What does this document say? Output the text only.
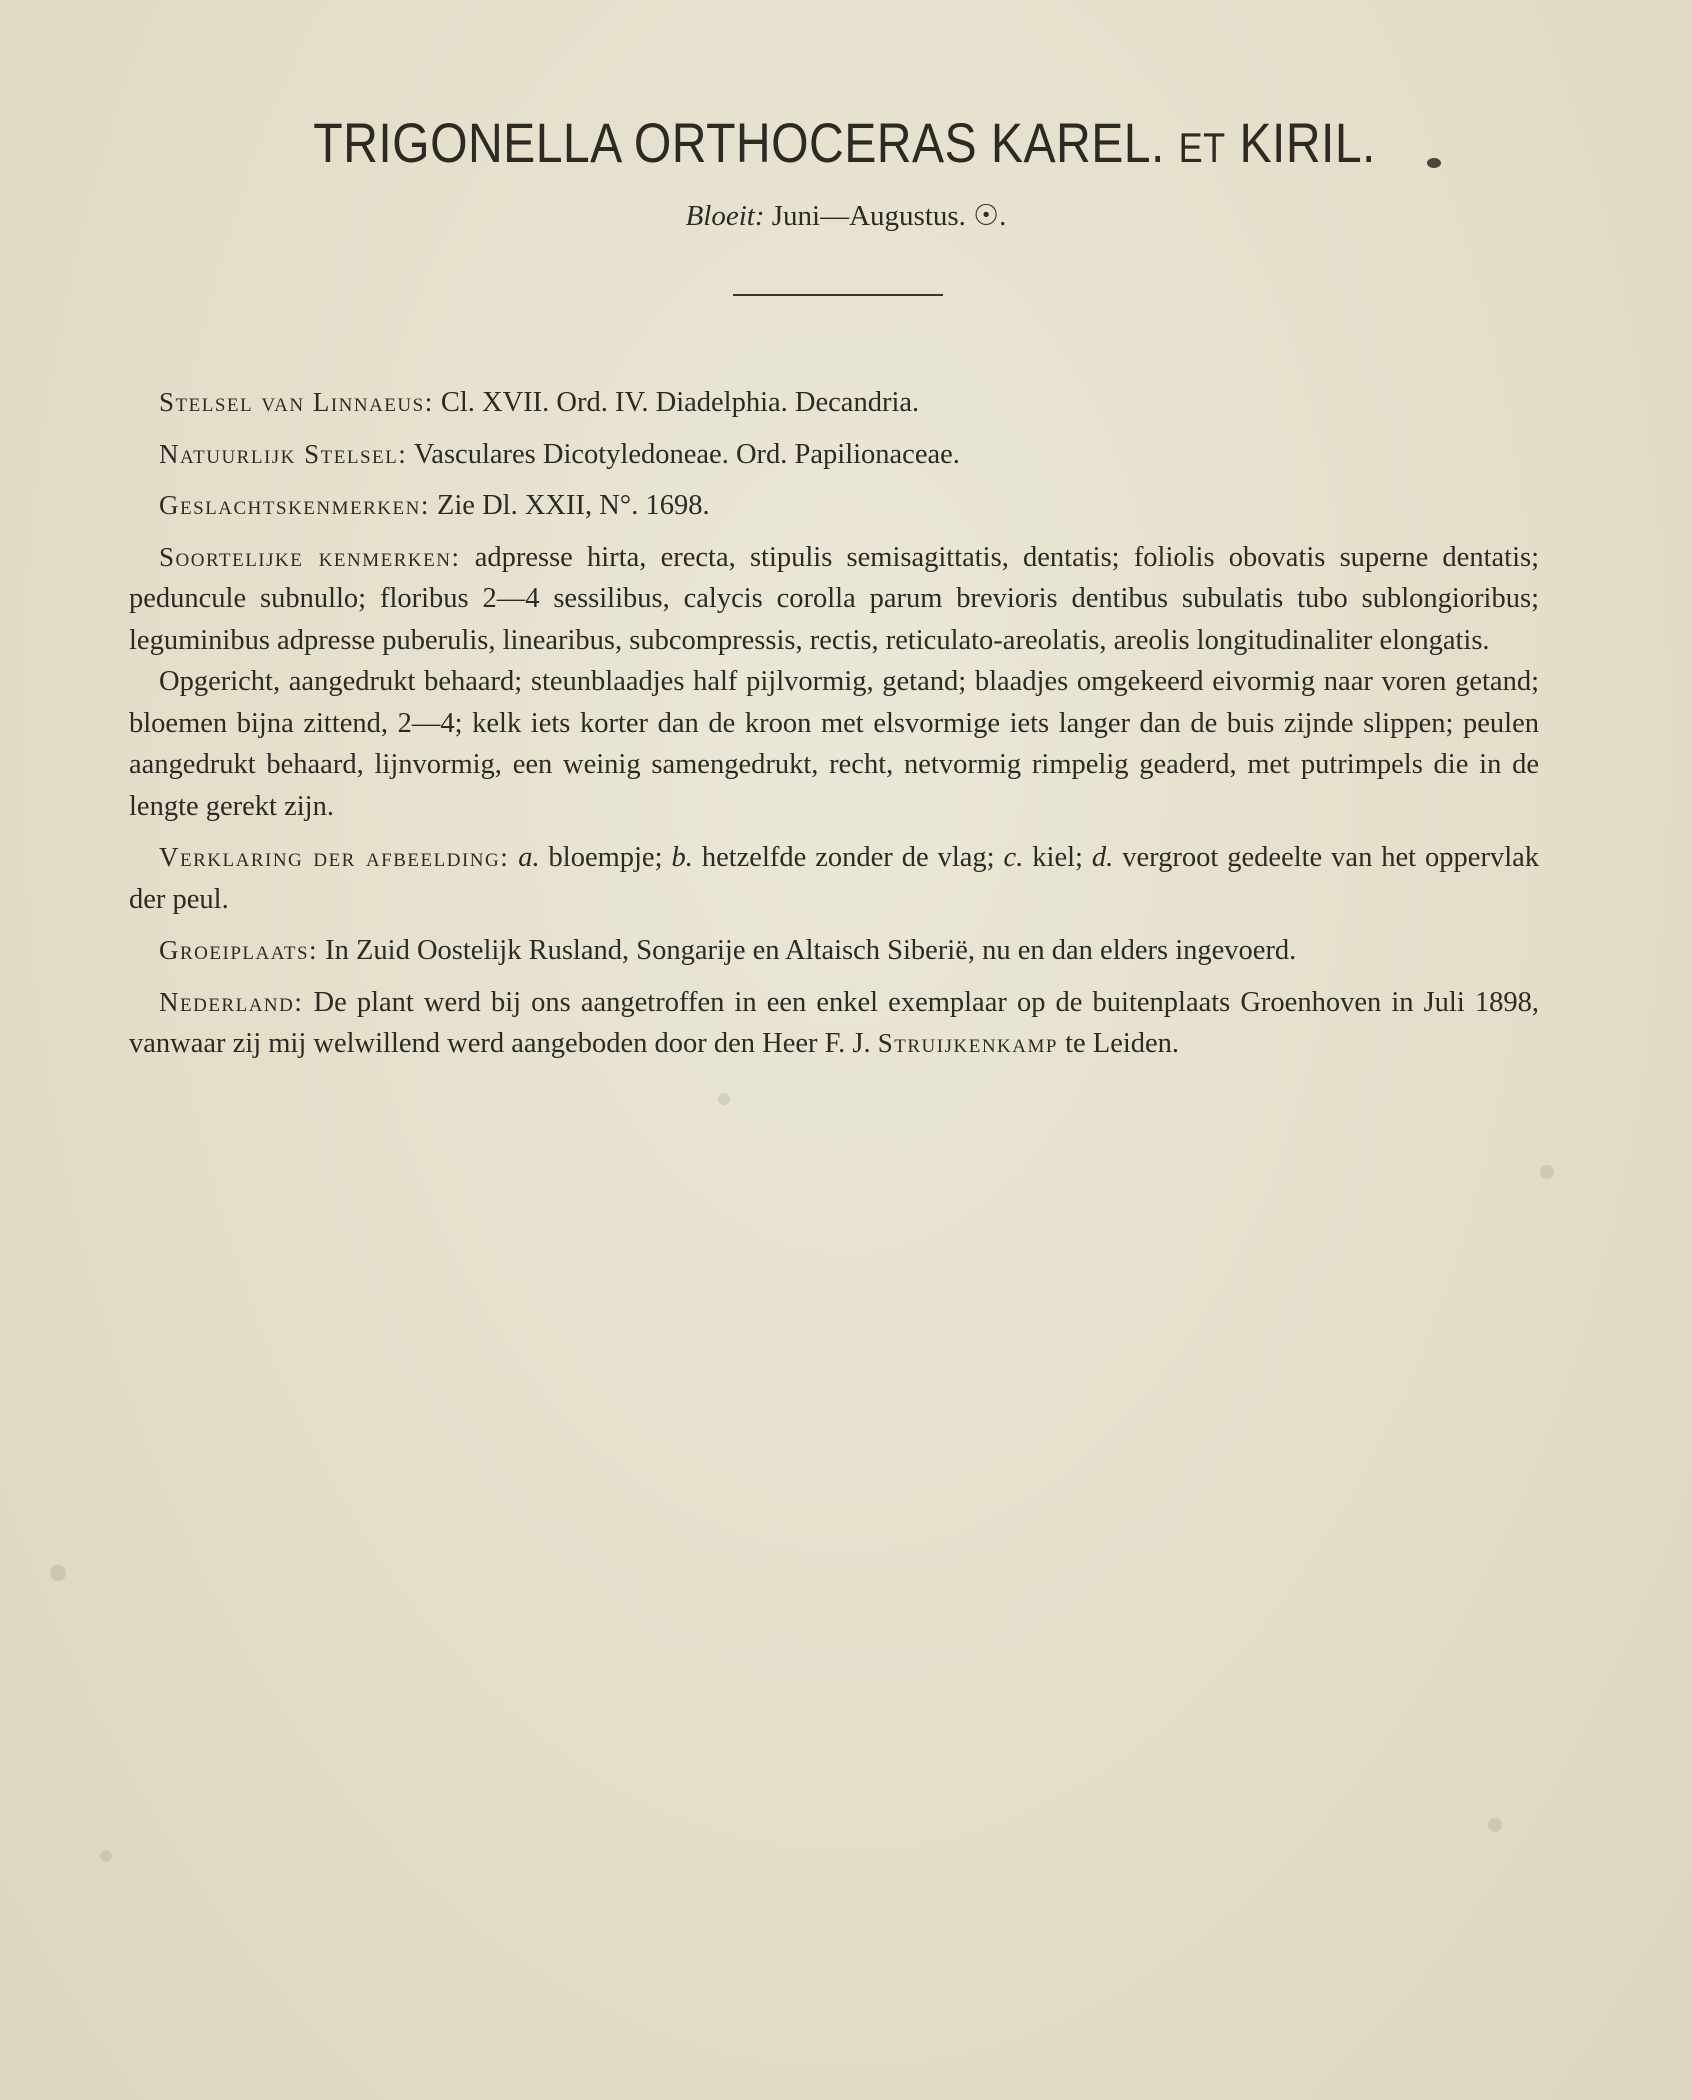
TRIGONELLA ORTHOCERAS KAREL. ET KIRIL.
Bloeit: Juni—Augustus. ☉.

Stelsel van Linnaeus: Cl. XVII. Ord. IV. Diadelphia. Decandria.

Natuurlijk Stelsel: Vasculares Dicotyledoneae. Ord. Papilionaceae.

Geslachtskenmerken: Zie Dl. XXII, N°. 1698.

Soortelijke kenmerken: adpresse hirta, erecta, stipulis semisagittatis, dentatis; foliolis obovatis superne dentatis; peduncule subnullo; floribus 2—4 sessilibus, calycis corolla parum brevioris dentibus subulatis tubo sublongioribus; leguminibus adpresse puberulis, linearibus, subcompressis, rectis, reticulato-areolatis, areolis longitudinaliter elongatis.

Opgericht, aangedrukt behaard; steunblaadjes half pijlvormig, getand; blaadjes omgekeerd eivormig naar voren getand; bloemen bijna zittend, 2—4; kelk iets korter dan de kroon met elsvormige iets langer dan de buis zijnde slippen; peulen aangedrukt behaard, lijnvormig, een weinig samengedrukt, recht, netvormig rimpelig geaderd, met putrimpels die in de lengte gerekt zijn.

Verklaring der afbeelding: a. bloempje; b. hetzelfde zonder de vlag; c. kiel; d. vergroot gedeelte van het oppervlak der peul.

Groeiplaats: In Zuid Oostelijk Rusland, Songarije en Altaisch Siberië, nu en dan elders ingevoerd.

Nederland: De plant werd bij ons aangetroffen in een enkel exemplaar op de buitenplaats Groenhoven in Juli 1898, vanwaar zij mij welwillend werd aangeboden door den Heer F. J. Struijkenkamp te Leiden.
